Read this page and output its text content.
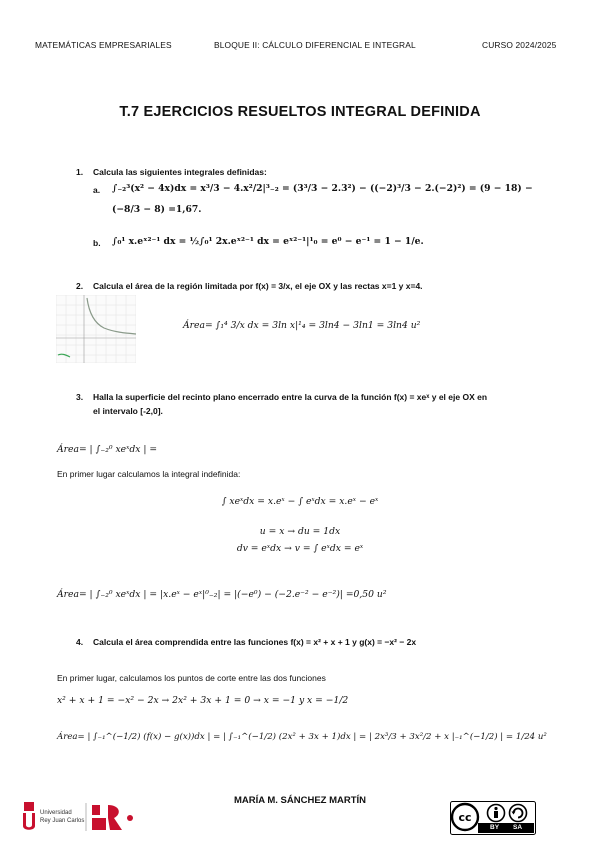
MATEMÁTICAS EMPRESARIALES	BLOQUE II: CÁLCULO DIFERENCIAL E INTEGRAL	CURSO 2024/2025
T.7 EJERCICIOS RESUELTOS INTEGRAL DEFINIDA
1. Calcula las siguientes integrales definidas:
a. ∫₋₂³(x² − 4x)dx = x³/3 − 4.x²/2|³₋₂ = (3³/3 − 2.3²) − ((−2)³/3 − 2.(−2)²) = (9 − 18) −
(−8/3 − 8) =1,67.
b. ∫₀¹ x.eˣ²⁻¹ dx = ½∫₀¹ 2x.eˣ²⁻¹ dx = eˣ²⁻¹|¹₀ = e⁰ − e⁻¹ = 1 − 1/e.
2. Calcula el área de la región limitada por f(x) = 3/x, el eje OX y las rectas x=1 y x=4.
Área= ∫₁⁴ 3/x dx = 3ln x|¹₄ = 3ln4 − 3ln1 = 3ln4 u²
3. Halla la superficie del recinto plano encerrado entre la curva de la función f(x) = xeˣ y el eje OX en
el intervalo [-2,0].
Área= | ∫₋₂⁰ xeˣdx | =
En primer lugar calculamos la integral indefinida:
∫ xeˣdx = x.eˣ − ∫ eˣdx = x.eˣ − eˣ
u = x → du = 1dx
dv = eˣdx → v = ∫ eˣdx = eˣ
Área= | ∫₋₂⁰ xeˣdx | = |x.eˣ − eˣ|⁰₋₂| = |(−e⁰) − (−2.e⁻² − e⁻²)| =0,50 u²
4. Calcula el área comprendida entre las funciones f(x) = x² + x + 1 y g(x) = −x² − 2x
En primer lugar, calculamos los puntos de corte entre las dos funciones
x² + x + 1 = −x² − 2x → 2x² + 3x + 1 = 0 → x = −1 y x = −1/2
Área= | ∫₋₁^(−1/2) (f(x) − g(x))dx | = | ∫₋₁^(−1/2) (2x² + 3x + 1)dx | = | 2x³/3 + 3x²/2 + x |₋₁^(−1/2) | = 1/24 u²
MARÍA M. SÁNCHEZ MARTÍN
Universidad
Rey Juan Carlos	cc
BY SA
